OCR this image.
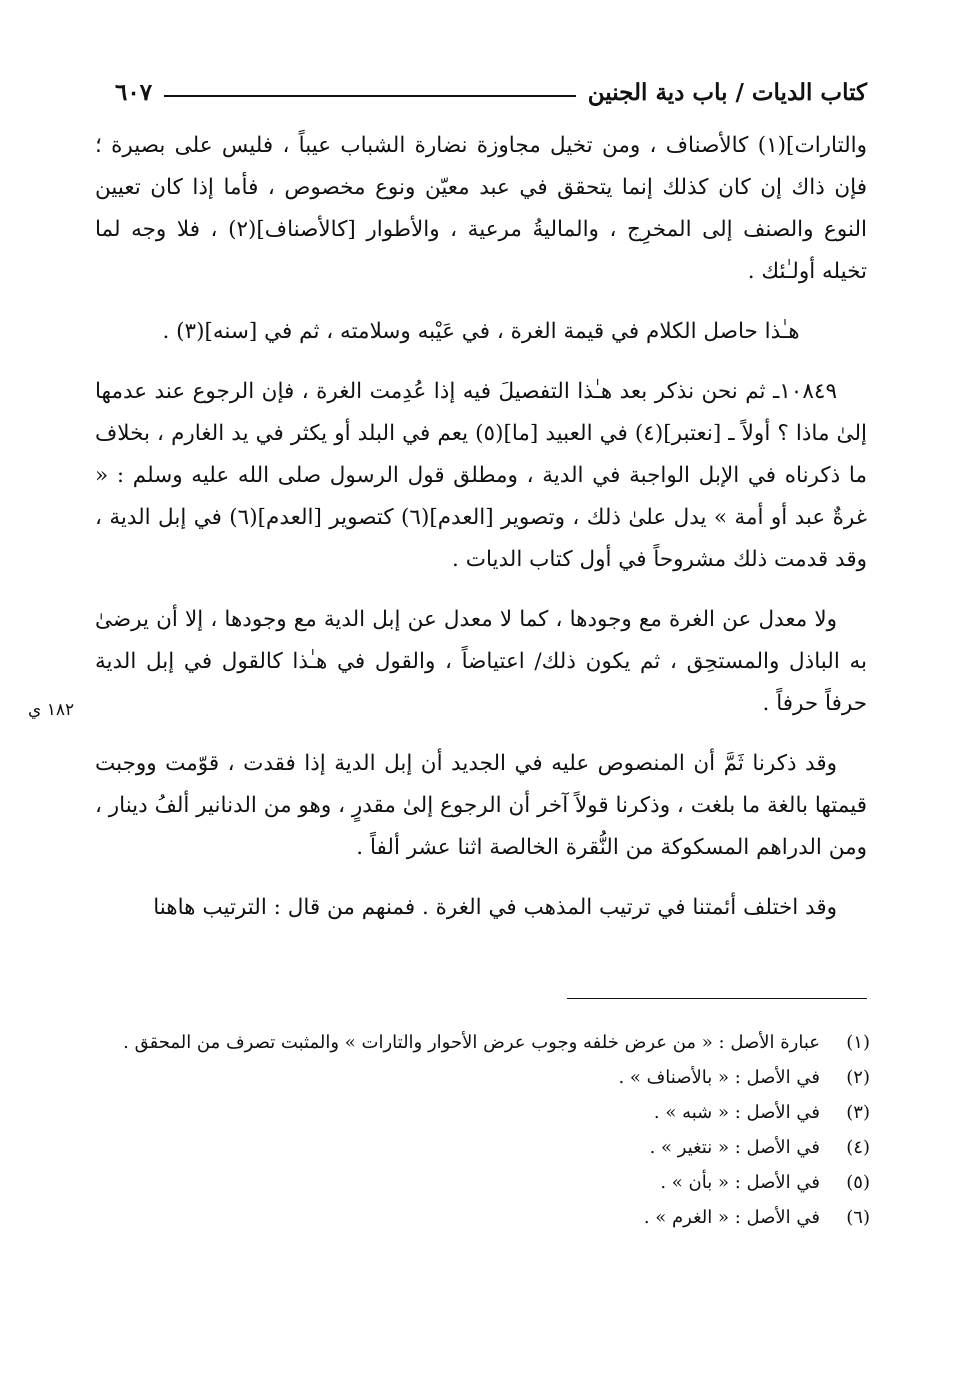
كتاب الديات / باب دية الجنين
٦٠٧

والتارات](١) كالأصناف ، ومن تخيل مجاوزة نضارة الشباب عيباً ، فليس على بصيرة ؛ فإن ذاك إن كان كذلك إنما يتحقق في عبد معيّن ونوع مخصوص ، فأما إذا كان تعيين النوع والصنف إلى المخرِج ، والماليةُ مرعية ، والأطوار [كالأصناف](٢) ، فلا وجه لما تخيله أولـٰئك .

هـٰذا حاصل الكلام في قيمة الغرة ، في عَيْبه وسلامته ، ثم في [سنه](٣) .

١٠٨٤٩ـ ثم نحن نذكر بعد هـٰذا التفصيلَ فيه إذا عُدِمت الغرة ، فإن الرجوع عند عدمها إلىٰ ماذا ؟ أولاً ـ [نعتبر](٤) في العبيد [ما](٥) يعم في البلد أو يكثر في يد الغارم ، بخلاف ما ذكرناه في الإبل الواجبة في الدية ، ومطلق قول الرسول صلى الله عليه وسلم : « غرةٌ عبد أو أمة » يدل علىٰ ذلك ، وتصوير [العدم](٦) كتصوير [العدم](٦) في إبل الدية ، وقد قدمت ذلك مشروحاً في أول كتاب الديات .

ولا معدل عن الغرة مع وجودها ، كما لا معدل عن إبل الدية مع وجودها ، إلا أن يرضىٰ به الباذل والمستحِق ، ثم يكون ذلك/ اعتياضاً ، والقول في هـٰذا كالقول في إبل الدية حرفاً حرفاً .

وقد ذكرنا ثَمَّ أن المنصوص عليه في الجديد أن إبل الدية إذا فقدت ، قوّمت ووجبت قيمتها بالغة ما بلغت ، وذكرنا قولاً آخر أن الرجوع إلىٰ مقدرٍ ، وهو من الدنانير ألفُ دينار ، ومن الدراهم المسكوكة من النُّقرة الخالصة اثنا عشر ألفاً .

وقد اختلف أئمتنا في ترتيب المذهب في الغرة . فمنهم من قال : الترتيب هاهنا

١٨٢ ي
(١)
عبارة الأصل : « من عرض خلفه وجوب عرض الأحوار والتارات » والمثبت تصرف من المحقق .
(٢)
في الأصل : « بالأصناف » .
(٣)
في الأصل : « شبه » .
(٤)
في الأصل : « نتغير » .
(٥)
في الأصل : « بأن » .
(٦)
في الأصل : « الغرم » .
